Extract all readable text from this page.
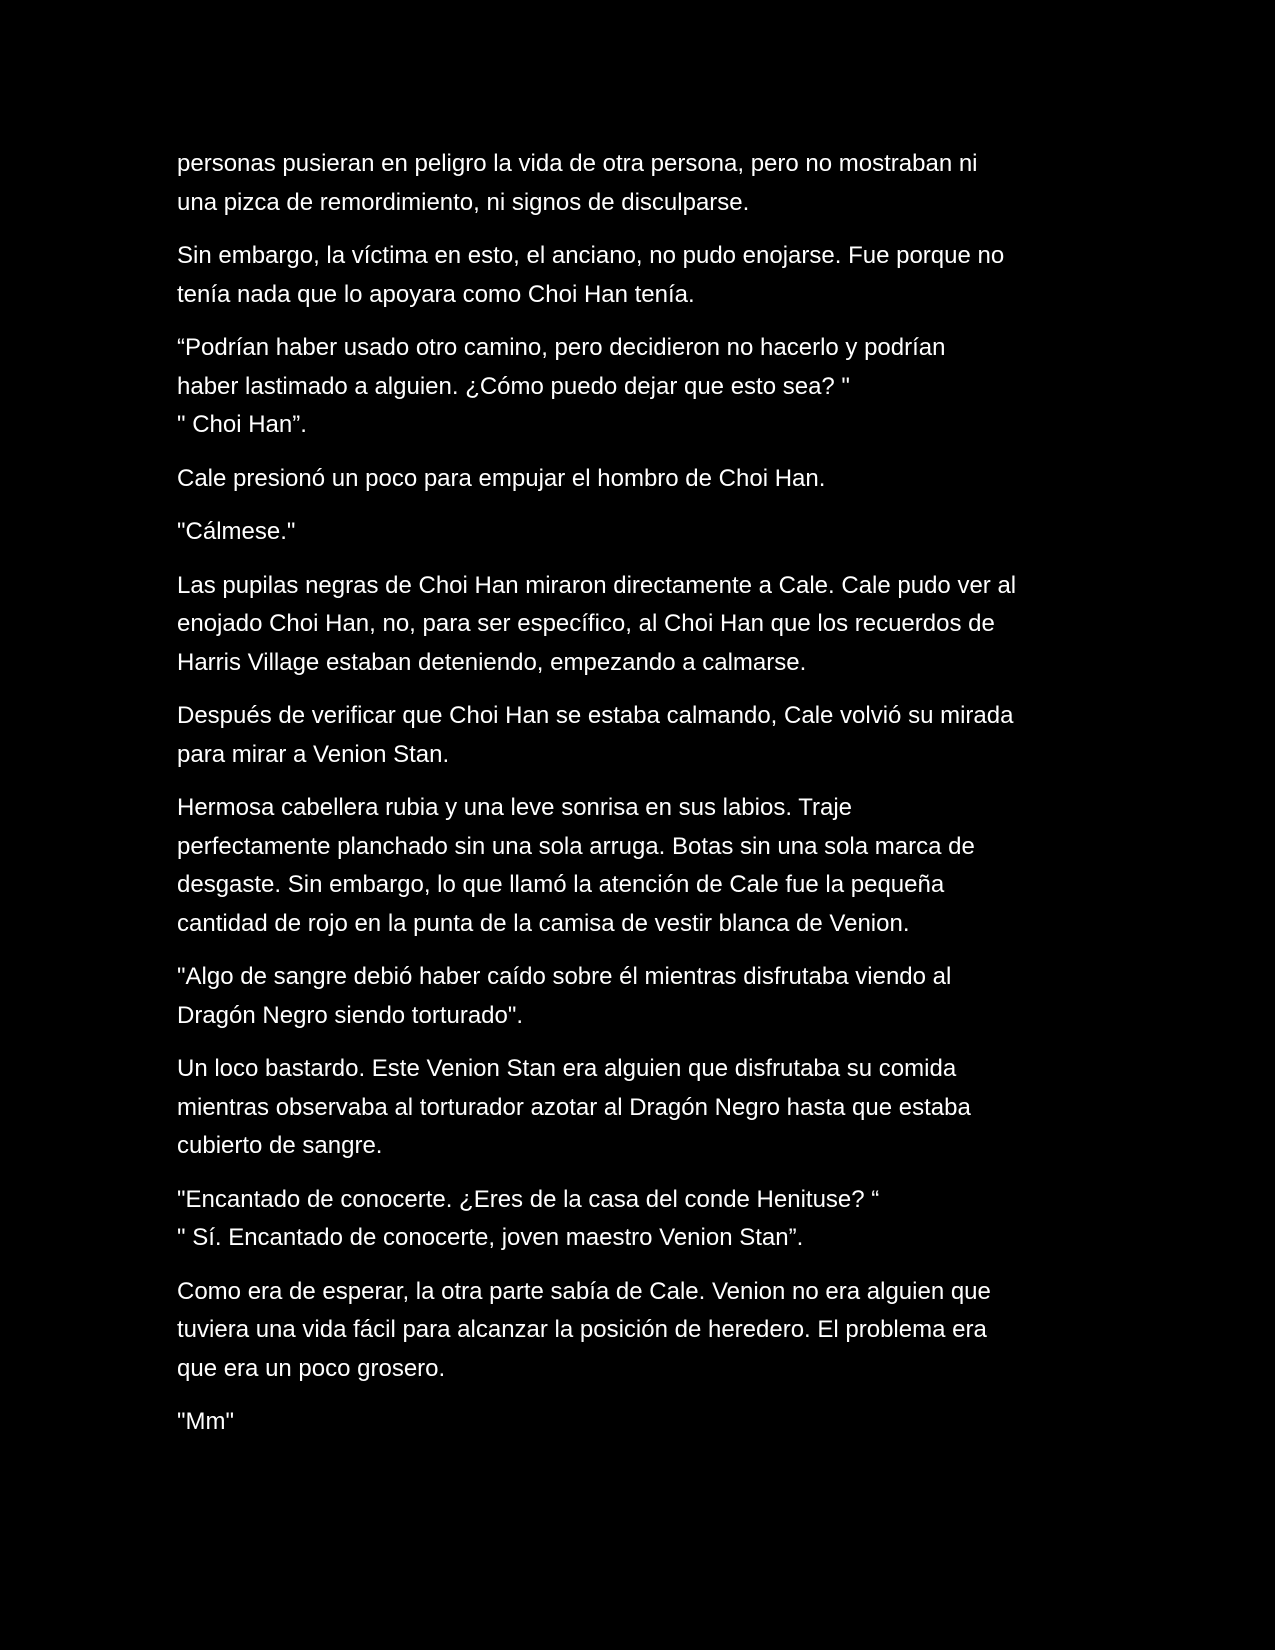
personas pusieran en peligro la vida de otra persona, pero no mostraban ni
una pizca de remordimiento, ni signos de disculparse.

Sin embargo, la víctima en esto, el anciano, no pudo enojarse. Fue porque no
tenía nada que lo apoyara como Choi Han tenía.

“Podrían haber usado otro camino, pero decidieron no hacerlo y podrían
haber lastimado a alguien. ¿Cómo puedo dejar que esto sea? "
" Choi Han”.

Cale presionó un poco para empujar el hombro de Choi Han.

"Cálmese."

Las pupilas negras de Choi Han miraron directamente a Cale. Cale pudo ver al
enojado Choi Han, no, para ser específico, al Choi Han que los recuerdos de
Harris Village estaban deteniendo, empezando a calmarse.

Después de verificar que Choi Han se estaba calmando, Cale volvió su mirada
para mirar a Venion Stan.

Hermosa cabellera rubia y una leve sonrisa en sus labios. Traje
perfectamente planchado sin una sola arruga. Botas sin una sola marca de
desgaste. Sin embargo, lo que llamó la atención de Cale fue la pequeña
cantidad de rojo en la punta de la camisa de vestir blanca de Venion.

"Algo de sangre debió haber caído sobre él mientras disfrutaba viendo al
Dragón Negro siendo torturado".

Un loco bastardo. Este Venion Stan era alguien que disfrutaba su comida
mientras observaba al torturador azotar al Dragón Negro hasta que estaba
cubierto de sangre.

"Encantado de conocerte. ¿Eres de la casa del conde Henituse? “
" Sí. Encantado de conocerte, joven maestro Venion Stan”.

Como era de esperar, la otra parte sabía de Cale. Venion no era alguien que
tuviera una vida fácil para alcanzar la posición de heredero. El problema era
que era un poco grosero.

"Mm"
